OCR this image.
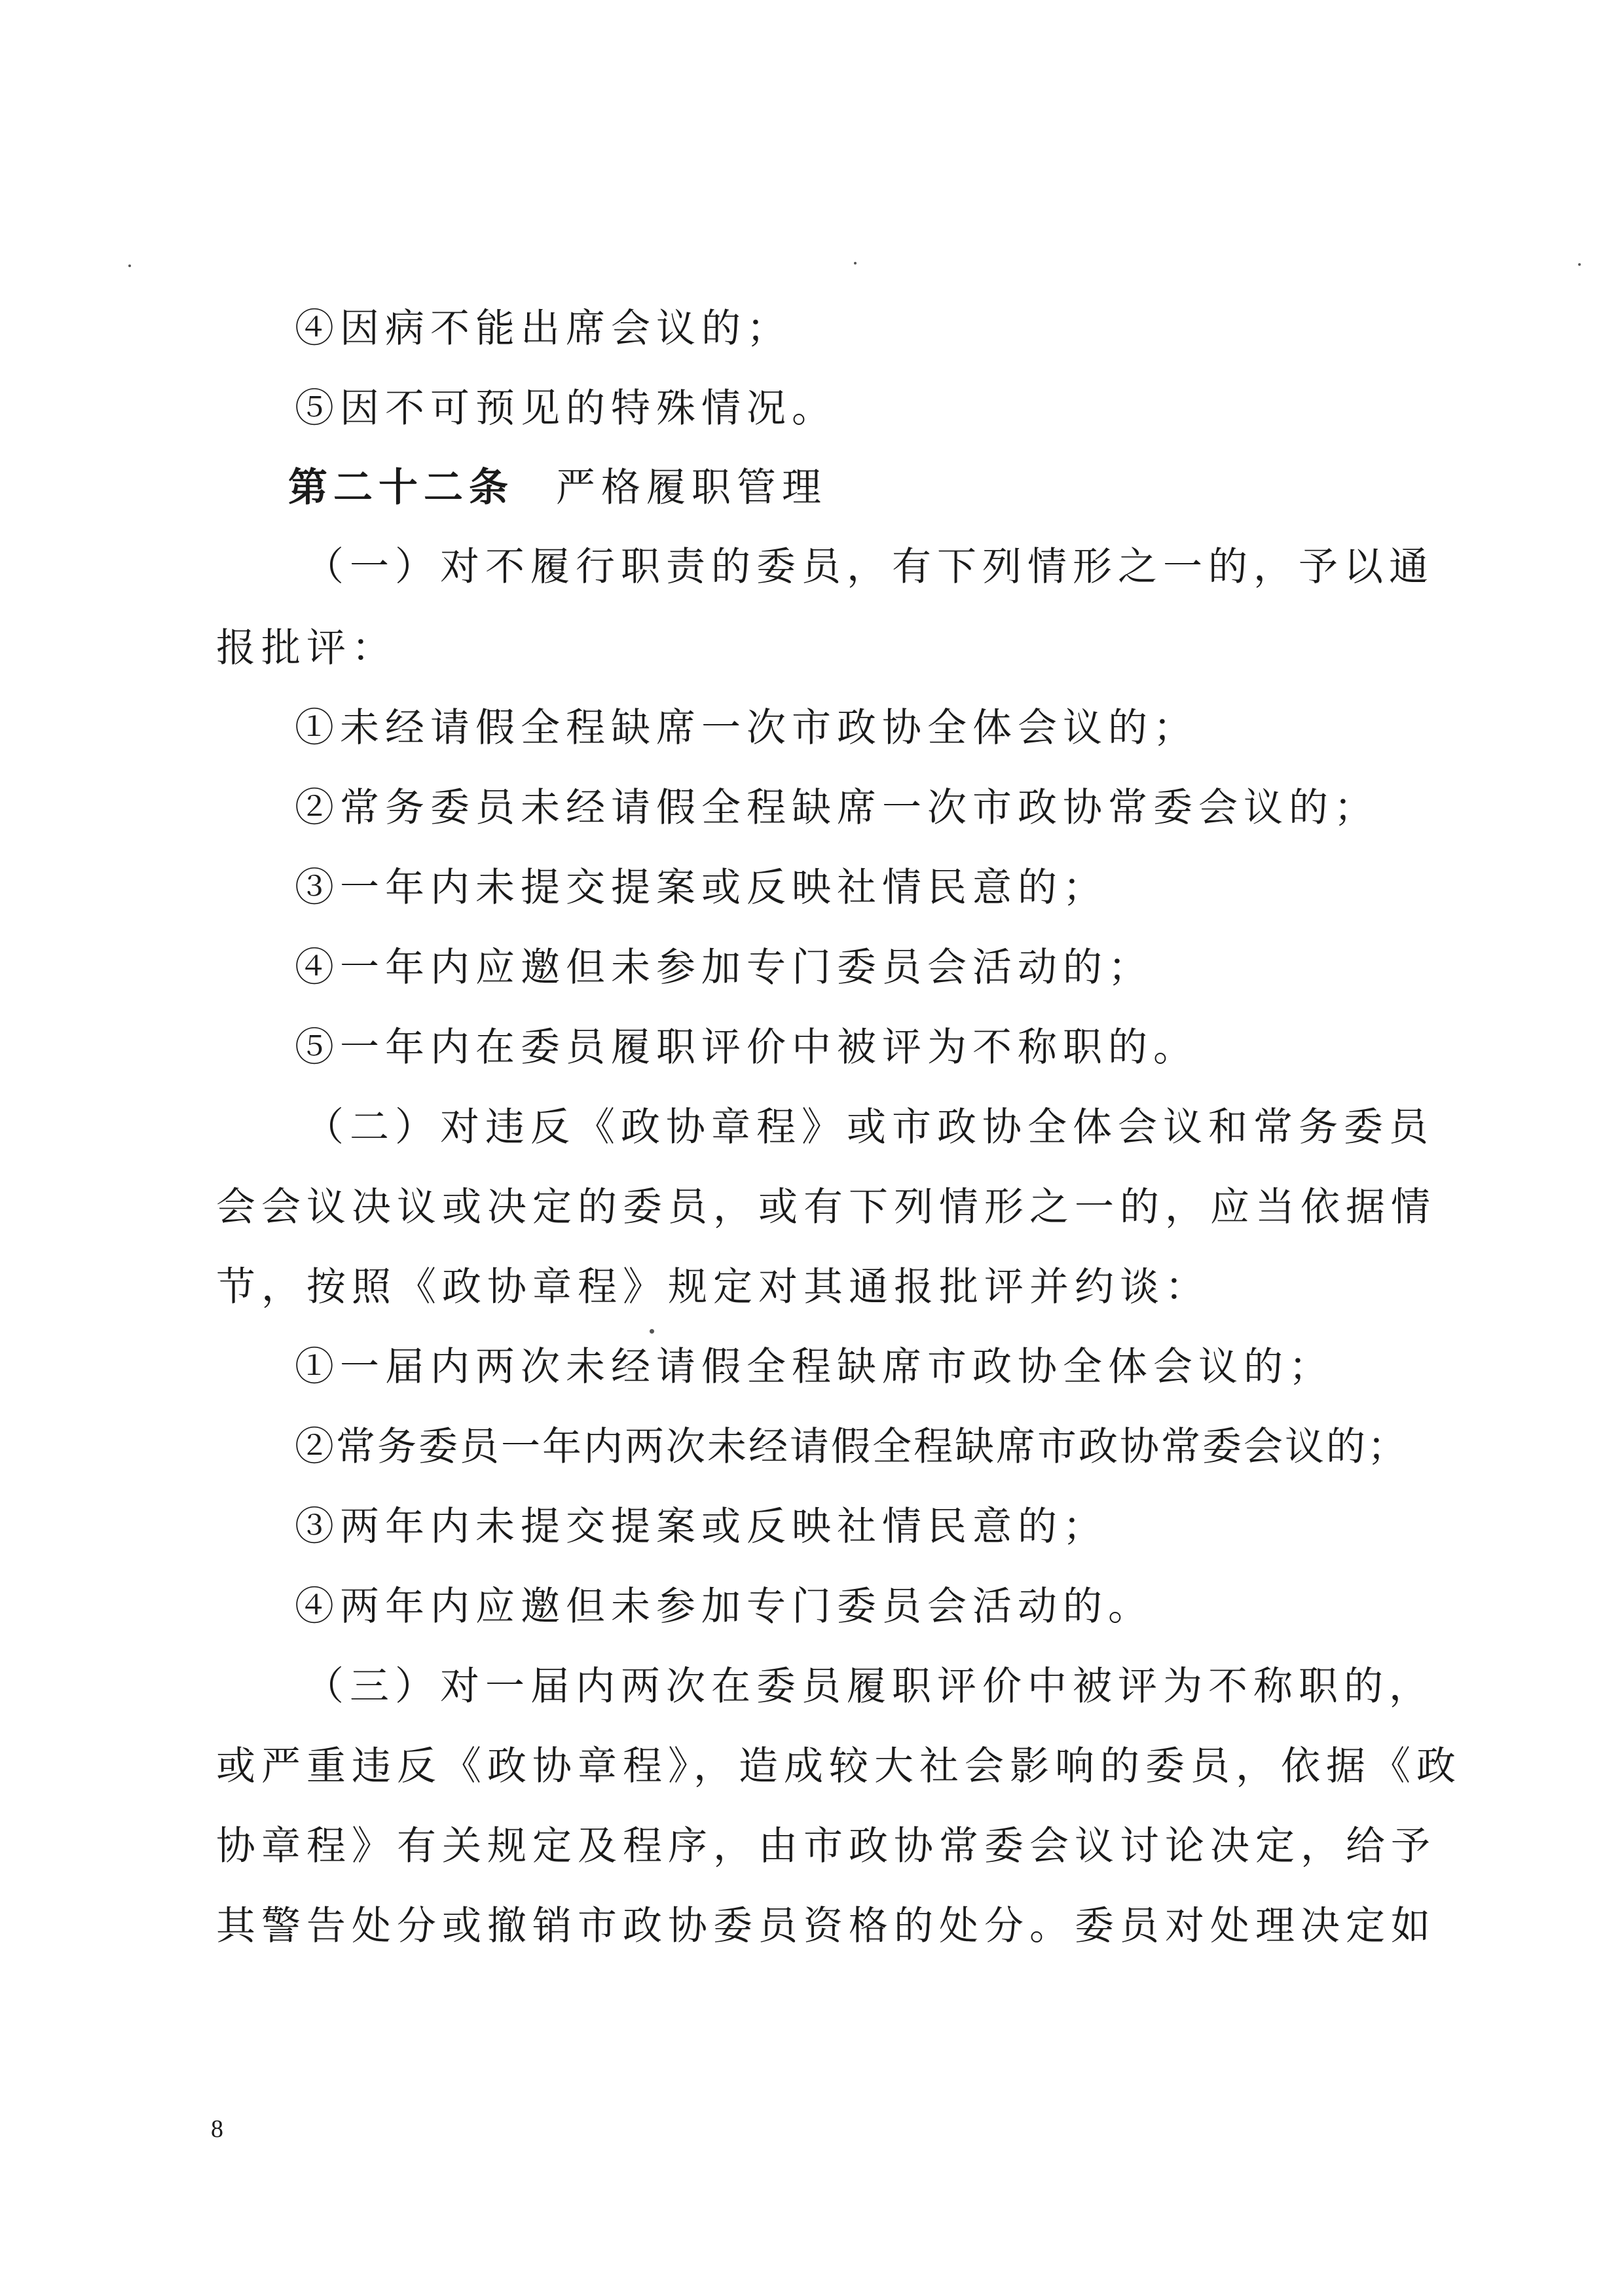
④因病不能出席会议的；
⑤因不可预见的特殊情况。
第二十二条 严格履职管理
（一）对不履行职责的委员，有下列情形之一的，予以通
报批评：
①未经请假全程缺席一次市政协全体会议的；
②常务委员未经请假全程缺席一次市政协常委会议的；
③一年内未提交提案或反映社情民意的；
④一年内应邀但未参加专门委员会活动的；
⑤一年内在委员履职评价中被评为不称职的。
（二）对违反《政协章程》或市政协全体会议和常务委员
会会议决议或决定的委员，或有下列情形之一的，应当依据情
节，按照《政协章程》规定对其通报批评并约谈：
①一届内两次未经请假全程缺席市政协全体会议的；
②常务委员一年内两次未经请假全程缺席市政协常委会议的；
③两年内未提交提案或反映社情民意的；
④两年内应邀但未参加专门委员会活动的。
（三）对一届内两次在委员履职评价中被评为不称职的，
或严重违反《政协章程》，造成较大社会影响的委员，依据《政
协章程》有关规定及程序，由市政协常委会议讨论决定，给予
其警告处分或撤销市政协委员资格的处分。委员对处理决定如
8
